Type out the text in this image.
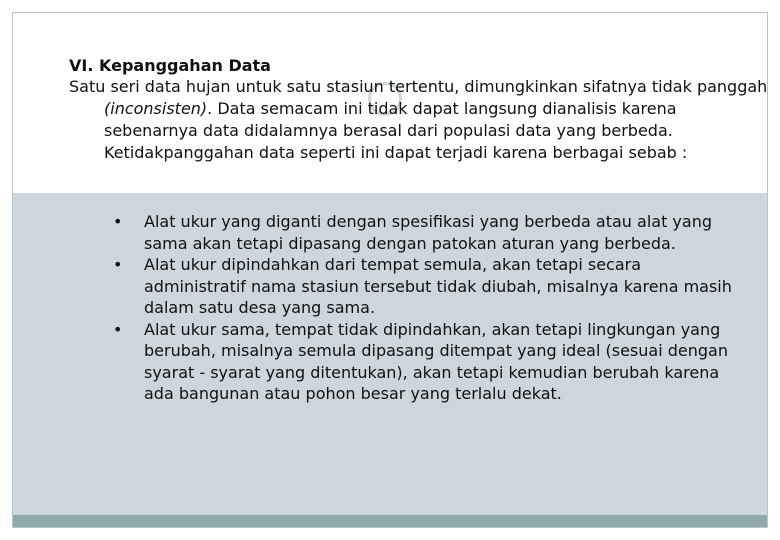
VI. Kepanggahan Data

Satu seri data hujan untuk satu stasiun tertentu, dimungkinkan sifatnya tidak panggah (inconsisten). Data semacam ini tidak dapat langsung dianalisis karena sebenarnya data didalamnya berasal dari populasi data yang berbeda. Ketidakpanggahan data seperti ini dapat terjadi karena berbagai sebab :

• Alat ukur yang diganti dengan spesifikasi yang berbeda atau alat yang sama akan tetapi dipasang dengan patokan aturan yang berbeda.
• Alat ukur dipindahkan dari tempat semula, akan tetapi secara administratif nama stasiun tersebut tidak diubah, misalnya karena masih dalam satu desa yang sama.
• Alat ukur sama, tempat tidak dipindahkan, akan tetapi lingkungan yang berubah, misalnya semula dipasang ditempat yang ideal (sesuai dengan syarat - syarat yang ditentukan), akan tetapi kemudian berubah karena ada bangunan atau pohon besar yang terlalu dekat.
